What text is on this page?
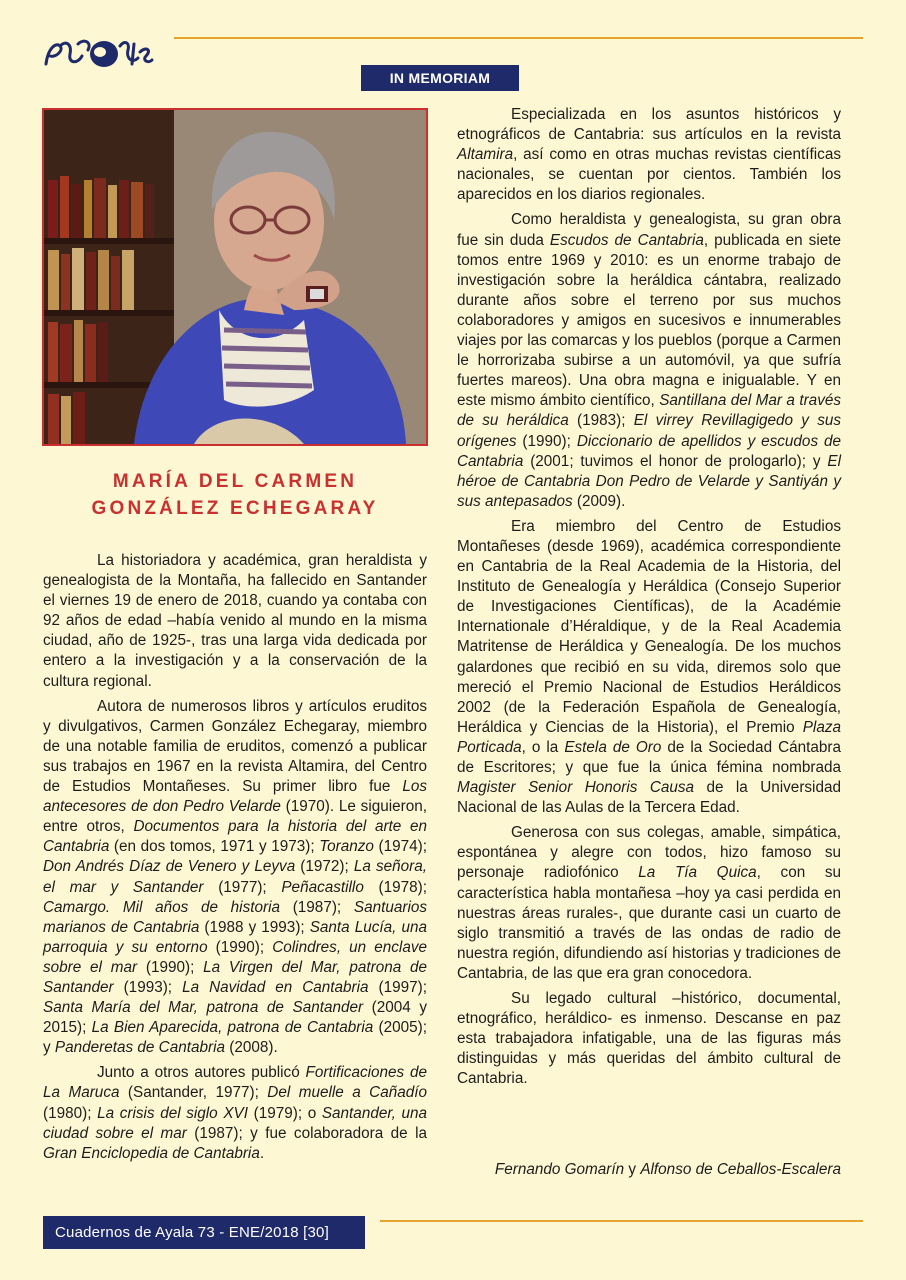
IN MEMORIAM
MARÍA DEL CARMEN
GONZÁLEZ ECHEGARAY

La historiadora y académica, gran heraldista y genealogista de la Montaña, ha fallecido en Santander el viernes 19 de enero de 2018, cuando ya contaba con 92 años de edad –había venido al mundo en la misma ciudad, año de 1925-, tras una larga vida dedicada por entero a la investigación y a la conservación de la cultura regional.

Autora de numerosos libros y artículos eruditos y divulgativos, Carmen González Echegaray, miembro de una notable familia de eruditos, comenzó a publicar sus trabajos en 1967 en la revista Altamira, del Centro de Estudios Montañeses. Su primer libro fue Los antecesores de don Pedro Velarde (1970). Le siguieron, entre otros, Documentos para la historia del arte en Cantabria (en dos tomos, 1971 y 1973); Toranzo (1974); Don Andrés Díaz de Venero y Leyva (1972); La señora, el mar y Santander (1977); Peñacastillo (1978); Camargo. Mil años de historia (1987); Santuarios marianos de Cantabria (1988 y 1993); Santa Lucía, una parroquia y su entorno (1990); Colindres, un enclave sobre el mar (1990); La Virgen del Mar, patrona de Santander (1993); La Navidad en Cantabria (1997); Santa María del Mar, patrona de Santander (2004 y 2015); La Bien Aparecida, patrona de Cantabria (2005); y Panderetas de Cantabria (2008).

Junto a otros autores publicó Fortificaciones de La Maruca (Santander, 1977); Del muelle a Cañadío (1980); La crisis del siglo XVI (1979); o Santander, una ciudad sobre el mar (1987); y fue colaboradora de la Gran Enciclopedia de Cantabria.

Especializada en los asuntos históricos y etnográficos de Cantabria: sus artículos en la revista Altamira, así como en otras muchas revistas científicas nacionales, se cuentan por cientos. También los aparecidos en los diarios regionales.

Como heraldista y genealogista, su gran obra fue sin duda Escudos de Cantabria, publicada en siete tomos entre 1969 y 2010: es un enorme trabajo de investigación sobre la heráldica cántabra, realizado durante años sobre el terreno por sus muchos colaboradores y amigos en sucesivos e innumerables viajes por las comarcas y los pueblos (porque a Carmen le horrorizaba subirse a un automóvil, ya que sufría fuertes mareos). Una obra magna e inigualable. Y en este mismo ámbito científico, Santillana del Mar a través de su heráldica (1983); El virrey Revillagigedo y sus orígenes (1990); Diccionario de apellidos y escudos de Cantabria (2001; tuvimos el honor de prologarlo); y El héroe de Cantabria Don Pedro de Velarde y Santiyán y sus antepasados (2009).

Era miembro del Centro de Estudios Montañeses (desde 1969), académica correspondiente en Cantabria de la Real Academia de la Historia, del Instituto de Genealogía y Heráldica (Consejo Superior de Investigaciones Científicas), de la Académie Internationale d’Héraldique, y de la Real Academia Matritense de Heráldica y Genealogía. De los muchos galardones que recibió en su vida, diremos solo que mereció el Premio Nacional de Estudios Heráldicos 2002 (de la Federación Española de Genealogía, Heráldica y Ciencias de la Historia), el Premio Plaza Porticada, o la Estela de Oro de la Sociedad Cántabra de Escritores; y que fue la única fémina nombrada Magister Senior Honoris Causa de la Universidad Nacional de las Aulas de la Tercera Edad.

Generosa con sus colegas, amable, simpática, espontánea y alegre con todos, hizo famoso su personaje radiofónico La Tía Quica, con su característica habla montañesa –hoy ya casi perdida en nuestras áreas rurales-, que durante casi un cuarto de siglo transmitió a través de las ondas de radio de nuestra región, difundiendo así historias y tradiciones de Cantabria, de las que era gran conocedora.

Su legado cultural –histórico, documental, etnográfico, heráldico- es inmenso. Descanse en paz esta trabajadora infatigable, una de las figuras más distinguidas y más queridas del ámbito cultural de Cantabria.

Fernando Gomarín y Alfonso de Ceballos-Escalera
Cuadernos de Ayala 73 - ENE/2018 [30]
